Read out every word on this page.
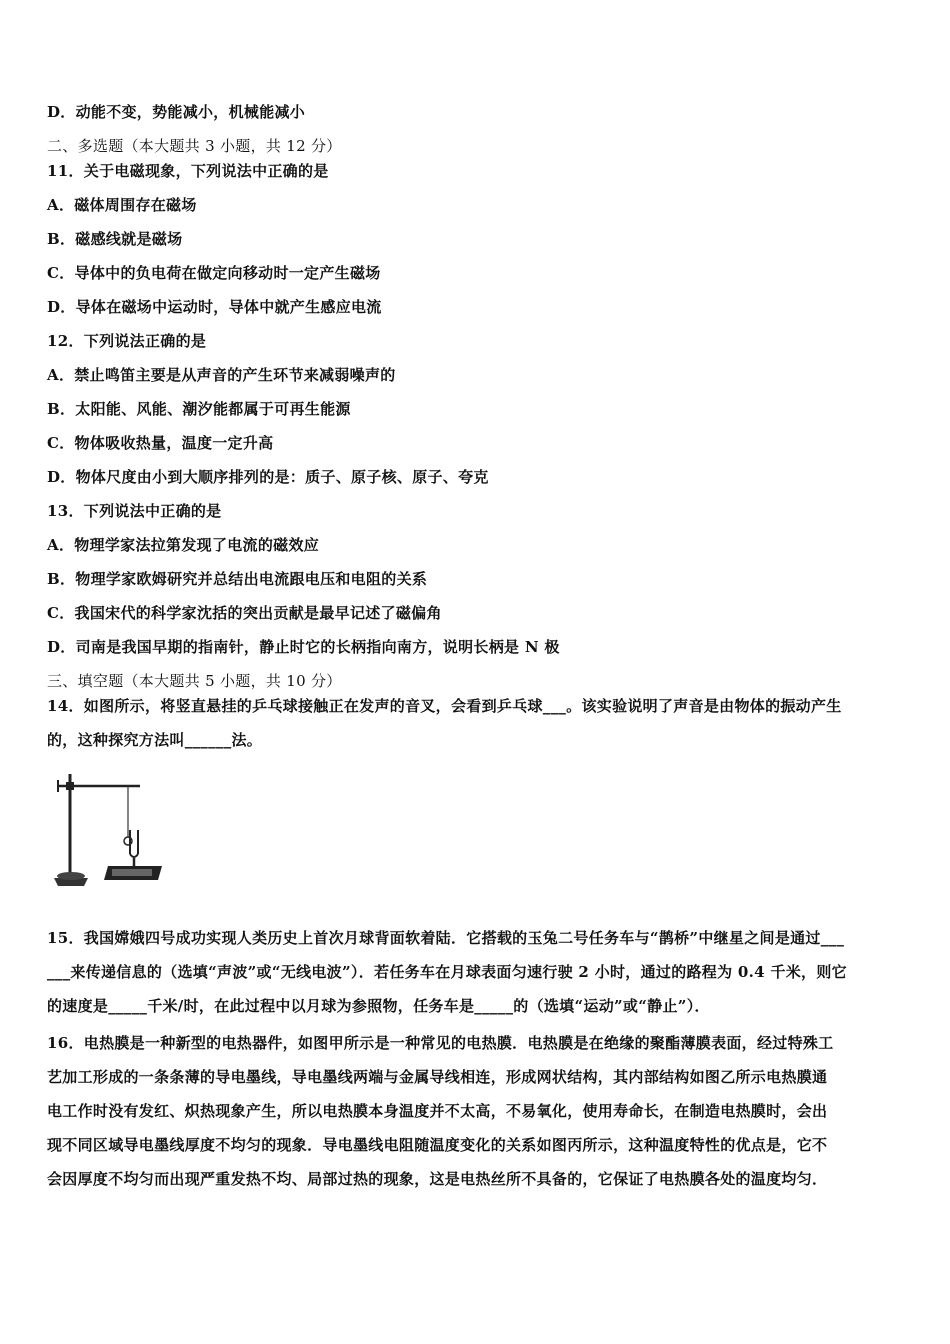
D．动能不变，势能减小，机械能减小
二、多选题（本大题共 3 小题，共 12 分）
11．关于电磁现象，下列说法中正确的是
A．磁体周围存在磁场
B．磁感线就是磁场
C．导体中的负电荷在做定向移动时一定产生磁场
D．导体在磁场中运动时，导体中就产生感应电流
12．下列说法正确的是
A．禁止鸣笛主要是从声音的产生环节来减弱噪声的
B．太阳能、风能、潮汐能都属于可再生能源
C．物体吸收热量，温度一定升高
D．物体尺度由小到大顺序排列的是：质子、原子核、原子、夸克
13．下列说法中正确的是
A．物理学家法拉第发现了电流的磁效应
B．物理学家欧姆研究并总结出电流跟电压和电阻的关系
C．我国宋代的科学家沈括的突出贡献是最早记述了磁偏角
D．司南是我国早期的指南针，静止时它的长柄指向南方，说明长柄是 N 极
三、填空题（本大题共 5 小题，共 10 分）
14．如图所示，将竖直悬挂的乒乓球接触正在发声的音叉，会看到乒乓球___。该实验说明了声音是由物体的振动产生
的，这种探究方法叫______法。
15．我国嫦娥四号成功实现人类历史上首次月球背面软着陆．它搭载的玉兔二号任务车与“鹊桥”中继星之间是通过___
___来传递信息的（选填“声波”或“无线电波”）．若任务车在月球表面匀速行驶 2 小时，通过的路程为 0.4 千米，则它
的速度是_____千米/时，在此过程中以月球为参照物，任务车是_____的（选填“运动”或“静止”）．
16．电热膜是一种新型的电热器件，如图甲所示是一种常见的电热膜．电热膜是在绝缘的聚酯薄膜表面，经过特殊工
艺加工形成的一条条薄的导电墨线，导电墨线两端与金属导线相连，形成网状结构，其内部结构如图乙所示电热膜通
电工作时没有发红、炽热现象产生，所以电热膜本身温度并不太高，不易氧化，使用寿命长，在制造电热膜时，会出
现不同区域导电墨线厚度不均匀的现象．导电墨线电阻随温度变化的关系如图丙所示，这种温度特性的优点是，它不
会因厚度不均匀而出现严重发热不均、局部过热的现象，这是电热丝所不具备的，它保证了电热膜各处的温度均匀．
